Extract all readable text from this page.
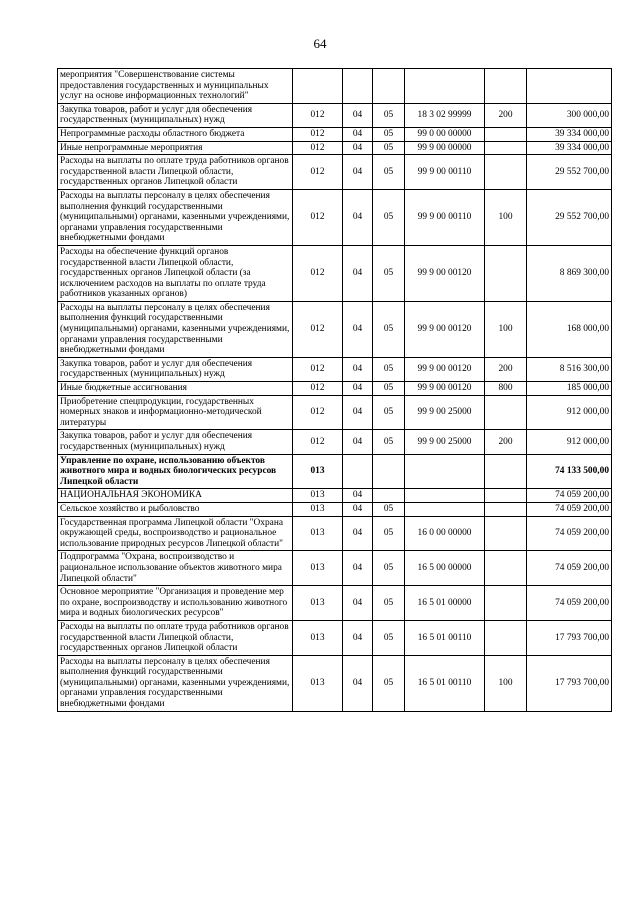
64
мероприятия "Совершенствование системы предоставления государственных и муниципальных услуг на основе информационных технологий"						
Закупка товаров, работ и услуг для обеспечения государственных (муниципальных) нужд	012	04	05	18 3 02 99999	200	300 000,00
Непрограммные расходы областного бюджета	012	04	05	99 0 00 00000		39 334 000,00
Иные непрограммные мероприятия	012	04	05	99 9 00 00000		39 334 000,00
Расходы на выплаты по оплате труда работников органов государственной власти Липецкой области, государственных органов Липецкой области	012	04	05	99 9 00 00110		29 552 700,00
Расходы на выплаты персоналу в целях обеспечения выполнения функций государственными (муниципальными) органами, казенными учреждениями, органами управления государственными внебюджетными фондами	012	04	05	99 9 00 00110	100	29 552 700,00
Расходы на обеспечение функций органов государственной власти Липецкой области, государственных органов Липецкой области (за исключением расходов на выплаты по оплате труда работников указанных органов)	012	04	05	99 9 00 00120		8 869 300,00
Расходы на выплаты персоналу в целях обеспечения выполнения функций государственными (муниципальными) органами, казенными учреждениями, органами управления государственными внебюджетными фондами	012	04	05	99 9 00 00120	100	168 000,00
Закупка товаров, работ и услуг для обеспечения государственных (муниципальных) нужд	012	04	05	99 9 00 00120	200	8 516 300,00
Иные бюджетные ассигнования	012	04	05	99 9 00 00120	800	185 000,00
Приобретение спецпродукции, государственных номерных знаков и информационно-методической литературы	012	04	05	99 9 00 25000		912 000,00
Закупка товаров, работ и услуг для обеспечения государственных (муниципальных) нужд	012	04	05	99 9 00 25000	200	912 000,00
Управление по охране, использованию объектов животного мира и водных биологических ресурсов Липецкой области	013					74 133 500,00
НАЦИОНАЛЬНАЯ ЭКОНОМИКА	013	04				74 059 200,00
Сельское хозяйство и рыболовство	013	04	05			74 059 200,00
Государственная программа Липецкой области "Охрана окружающей среды, воспроизводство и рациональное использование природных ресурсов Липецкой области"	013	04	05	16 0 00 00000		74 059 200,00
Подпрограмма "Охрана, воспроизводство и рациональное использование объектов животного мира Липецкой области"	013	04	05	16 5 00 00000		74 059 200,00
Основное мероприятие "Организация и проведение мер по охране, воспроизводству и использованию животного мира и водных биологических ресурсов"	013	04	05	16 5 01 00000		74 059 200,00
Расходы на выплаты по оплате труда работников органов государственной власти Липецкой области, государственных органов Липецкой области	013	04	05	16 5 01 00110		17 793 700,00
Расходы на выплаты персоналу в целях обеспечения выполнения функций государственными (муниципальными) органами, казенными учреждениями, органами управления государственными внебюджетными фондами	013	04	05	16 5 01 00110	100	17 793 700,00
